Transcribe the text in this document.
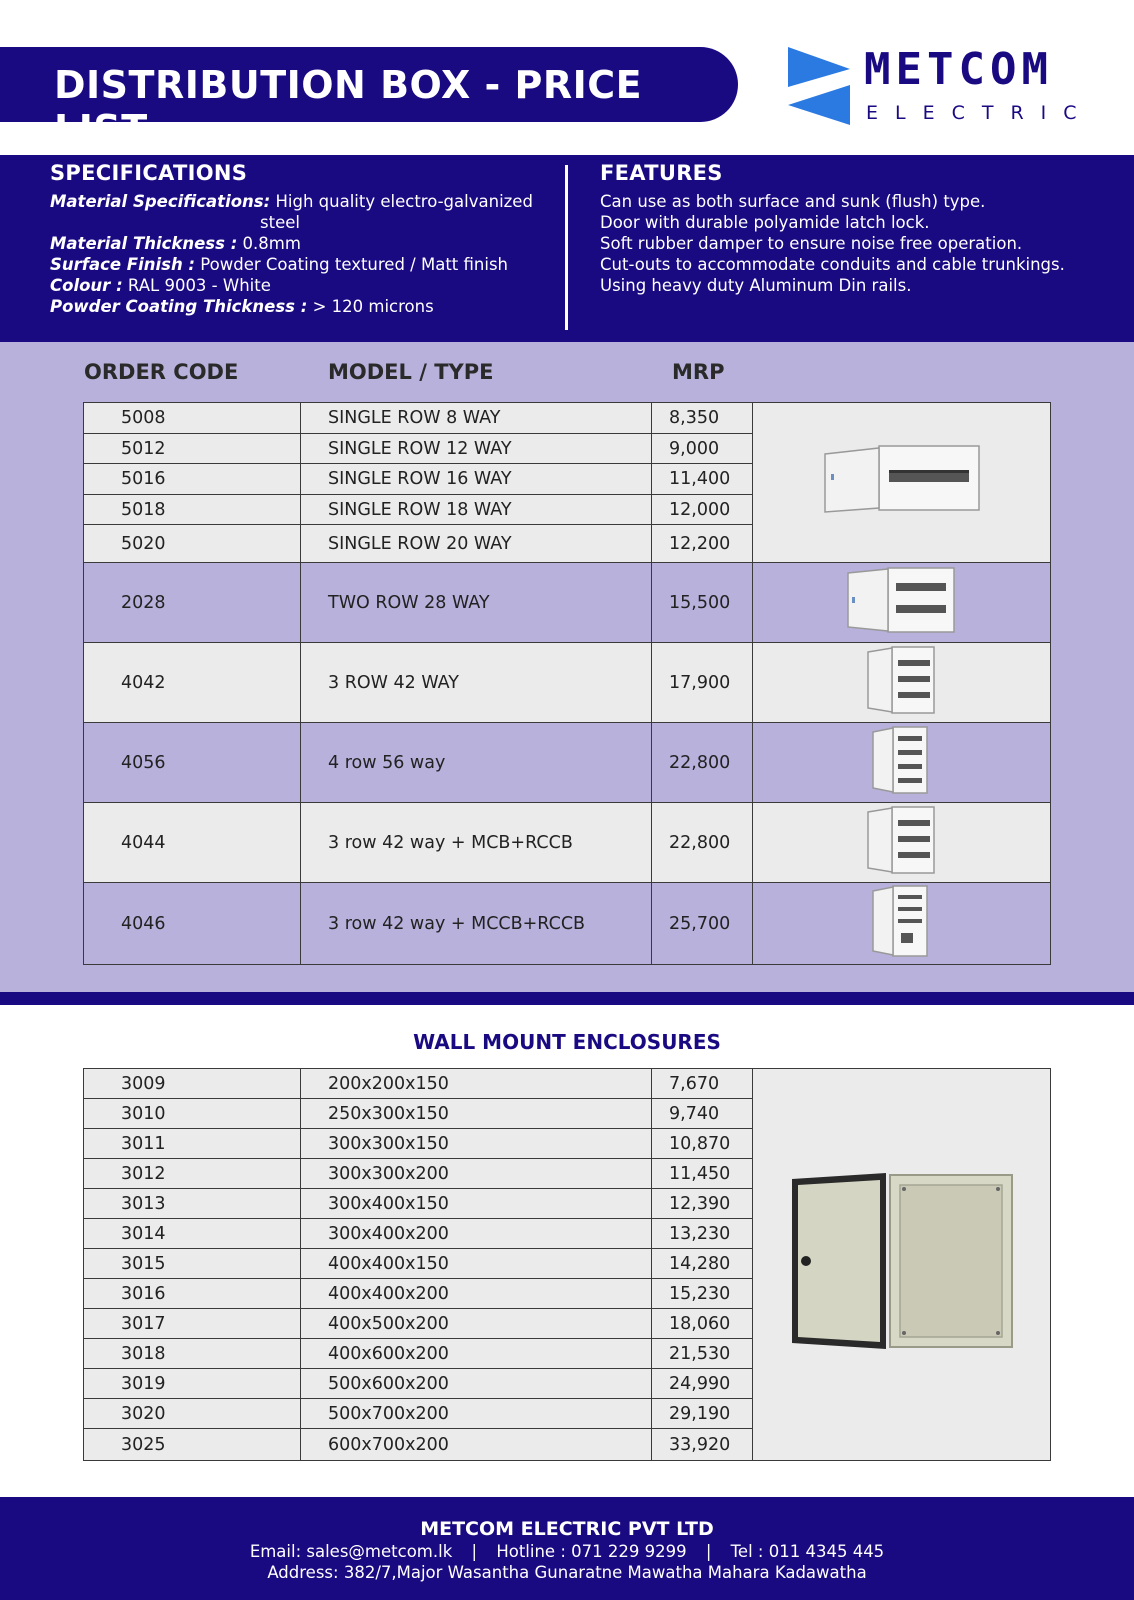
DISTRIBUTION BOX - PRICE LIST
METCOM
ELECTRIC
SPECIFICATIONS
Material Specifications: High quality electro-galvanized
steel
Material Thickness : 0.8mm
Surface Finish : Powder Coating textured / Matt finish
Colour : RAL 9003 - White
Powder Coating Thickness : > 120 microns
FEATURES
Can use as both surface and sunk (flush) type.
Door with durable polyamide latch lock.
Soft rubber damper to ensure noise free operation.
Cut-outs to accommodate conduits and cable trunkings.
Using heavy duty Aluminum Din rails.
ORDER CODE	MODEL / TYPE	MRP
5008	SINGLE ROW 8 WAY	8,350	
5012	SINGLE ROW 12 WAY	9,000	
5016	SINGLE ROW 16 WAY	11,400	
5018	SINGLE ROW 18 WAY	12,000	
5020	SINGLE ROW 20 WAY	12,200	
2028	TWO ROW 28 WAY	15,500	
4042	3 ROW 42 WAY	17,900	
4056	4 row 56 way	22,800	
4044	3 row 42 way + MCB+RCCB	22,800	
4046	3 row 42 way + MCCB+RCCB	25,700	
WALL MOUNT ENCLOSURES
3009	200x200x150	7,670	
3010	250x300x150	9,740	
3011	300x300x150	10,870	
3012	300x300x200	11,450	
3013	300x400x150	12,390	
3014	300x400x200	13,230	
3015	400x400x150	14,280	
3016	400x400x200	15,230	
3017	400x500x200	18,060	
3018	400x600x200	21,530	
3019	500x600x200	24,990	
3020	500x700x200	29,190	
3025	600x700x200	33,920	
METCOM ELECTRIC PVT LTD
Email: sales@metcom.lk | Hotline : 071 229 9299 | Tel : 011 4345 445
Address: 382/7,Major Wasantha Gunaratne Mawatha Mahara Kadawatha
